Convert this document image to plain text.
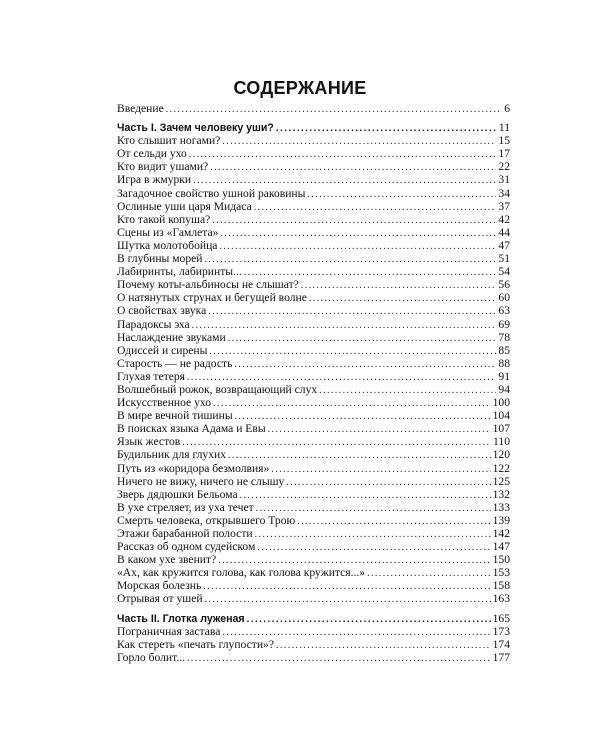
СОДЕРЖАНИЕ
Введение .....	6
Часть I. Зачем человеку уши? .....	11
Кто слышит ногами? .....	15
От сельди ухо .....	17
Кто видит ушами? .....	22
Игра в жмурки .....	31
Загадочное свойство ушной раковины .....	34
Ослиные уши царя Мидаса .....	37
Кто такой копуша? .....	42
Сцены из «Гамлета» .....	44
Шутка молотобойца .....	47
В глубины морей .....	51
Лабиринты, лабиринты... .....	54
Почему коты-альбиносы не слышат? .....	56
О натянутых струнах и бегущей волне .....	60
О свойствах звука .....	63
Парадоксы эха .....	69
Наслаждение звуками .....	78
Одиссей и сирены .....	85
Старость — не радость .....	88
Глухая тетеря .....	91
Волшебный рожок, возвращающий слух .....	94
Искусственное ухо .....	100
В мире вечной тишины .....	104
В поисках языка Адама и Евы .....	107
Язык жестов .....	110
Будильник для глухих .....	120
Путь из «коридора безмолвия» .....	122
Ничего не вижу, ничего не слышу .....	125
Зверь дядюшки Бельома .....	132
В ухе стреляет, из уха течет .....	133
Смерть человека, открывшего Трою .....	139
Этажи барабанной полости .....	142
Рассказ об одном судейском .....	147
В каком ухе звенит? .....	150
«Ах, как кружится голова, как голова кружится...» .....	153
Морская болезнь .....	158
Отрывая от ушей .....	163
Часть II. Глотка луженая .....	165
Пограничная застава .....	173
Как стереть «печать глупости»? .....	174
Горло болит... .....	177
